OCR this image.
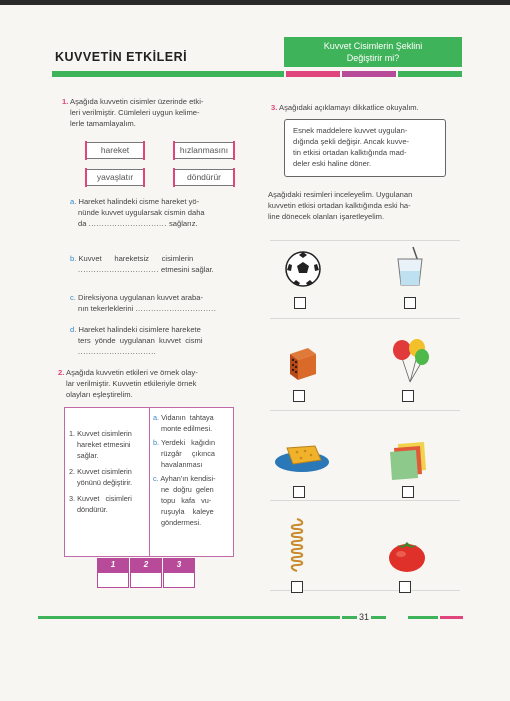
KUVVETİN ETKİLERİ
Kuvvet Cisimlerin Şeklini
Değiştirir mi?
1. Aşağıda kuvvetin cisimler üzerinde etki-
leri verilmiştir. Cümleleri uygun kelime-
lerle tamamlayalım.
hareket	hızlanmasını
yavaşlatır	döndürür
a. Hareket halindeki cisme hareket yö-
nünde kuvvet uygularsak cismin daha
da .............................. sağlarız.
b. Kuvvet      hareketsiz      cisimlerin
............................... etmesini sağlar.
c. Direksiyona uygulanan kuvvet araba-
nın tekerleklerini ...............................
d. Hareket halindeki cisimlere harekete
ters  yönde  uygulanan  kuvvet  cismi
..............................
2. Aşağıda kuvvetin etkileri ve örnek olay-
lar verilmiştir. Kuvvetin etkileriyle örnek
olayları eşleştirelim.
1. Kuvvet cisimlerin
hareket etmesini
sağlar.
2. Kuvvet cisimlerin
yönünü değiştirir.
3. Kuvvet   cisimleri
döndürür.
a. Vidanın  tahtaya
monte edilmesi.
b. Yerdeki   kağıdın
rüzgâr     çıkınca
havalanması
c. Ayhan'ın kendisi-
ne  doğru  gelen
topu   kafa   vu-
ruşuyla    kaleye
göndermesi.
1	2	3
3. Aşağıdaki açıklamayı dikkatlice okuyalım.
Esnek maddelere kuvvet uygulan-
dığında şekli değişir. Ancak kuvve-
tin etkisi ortadan kalktığında mad-
deler eski haline döner.
Aşağıdaki resimleri inceleyelim. Uygulanan
kuvvetin etkisi ortadan kalktığında eski ha-
line dönecek olanları işaretleyelim.
31
